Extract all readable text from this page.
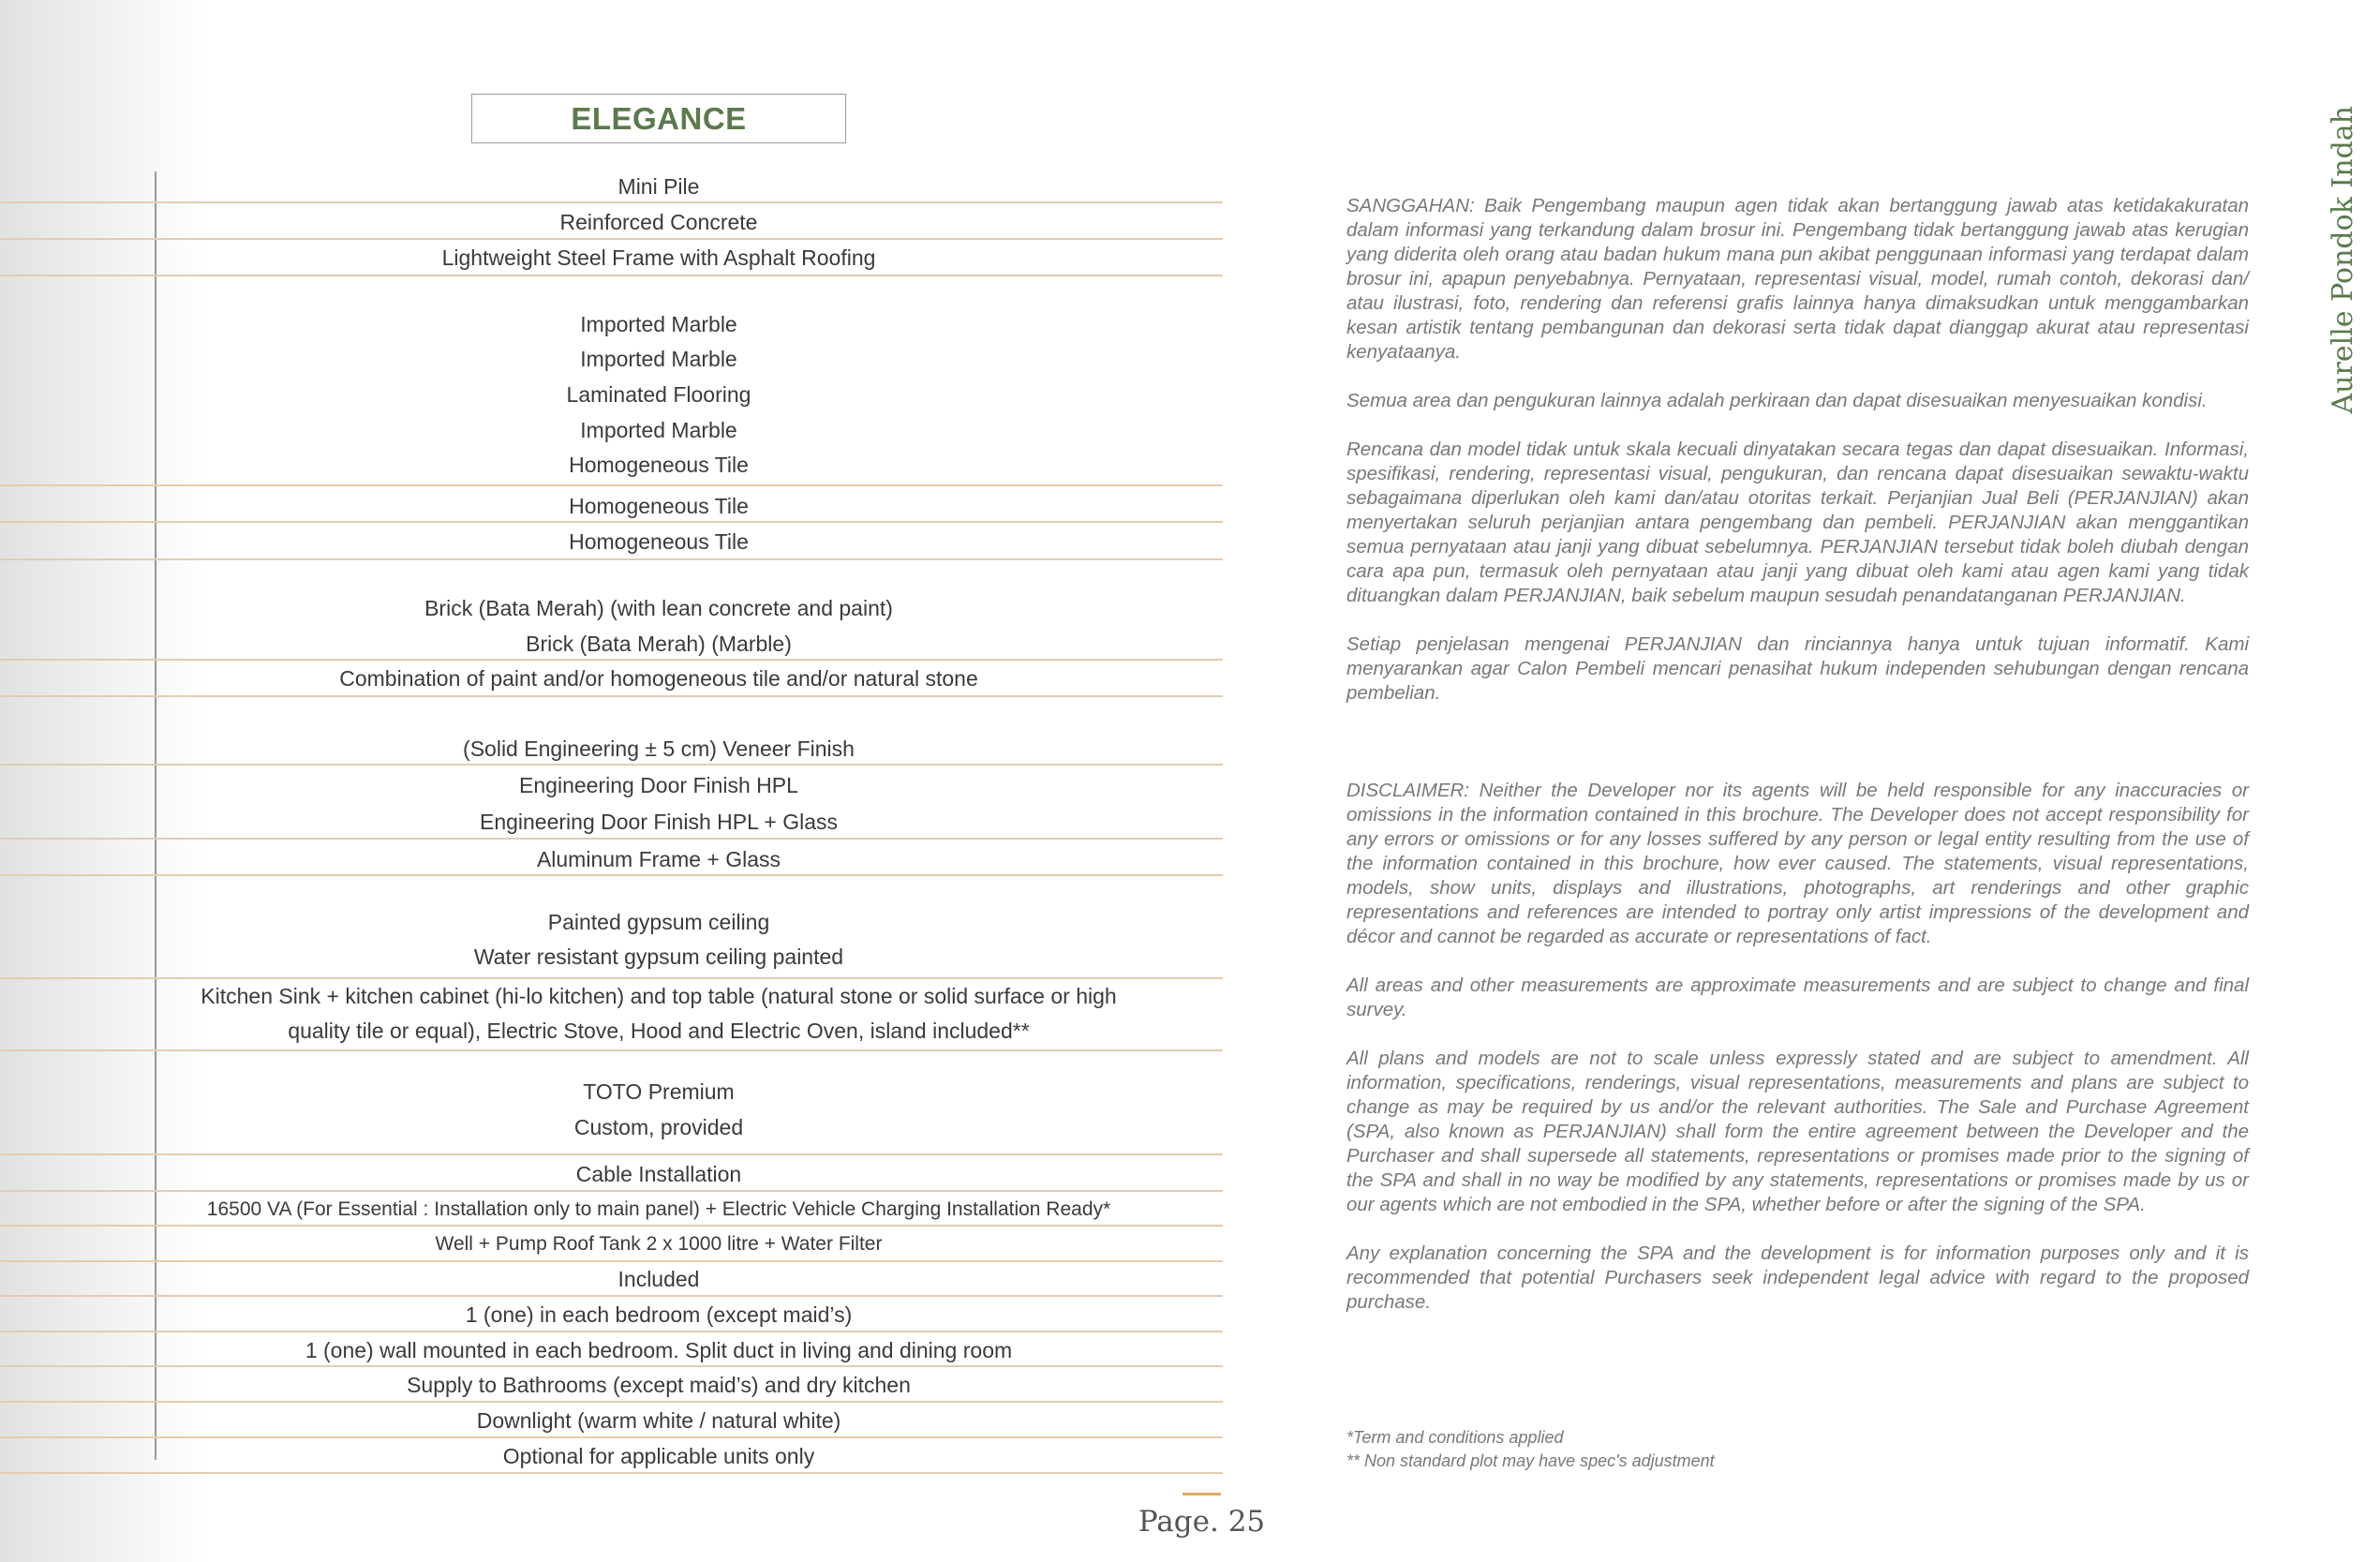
ELEGANCE
Mini Pile
Reinforced Concrete
Lightweight Steel Frame with Asphalt Roofing
Imported Marble
Imported Marble
Laminated Flooring
Imported Marble
Homogeneous Tile
Homogeneous Tile
Homogeneous Tile
Brick (Bata Merah) (with lean concrete and paint)
Brick (Bata Merah) (Marble)
Combination of paint and/or homogeneous tile and/or natural stone
(Solid Engineering ± 5 cm) Veneer Finish
Engineering Door Finish HPL
Engineering Door Finish HPL + Glass
Aluminum Frame + Glass
Painted gypsum ceiling
Water resistant gypsum ceiling painted
Kitchen Sink + kitchen cabinet (hi-lo kitchen) and top table (natural stone or solid surface or high quality tile or equal), Electric Stove, Hood and Electric Oven, island included**
TOTO Premium
Custom, provided
Cable Installation
16500 VA (For Essential : Installation only to main panel) + Electric Vehicle Charging Installation Ready*
Well + Pump Roof Tank 2 x 1000 litre + Water Filter
Included
1 (one) in each bedroom (except maid’s)
1 (one) wall mounted in each bedroom. Split duct in living and dining room
Supply to Bathrooms (except maid’s) and dry kitchen
Downlight (warm white / natural white)
Optional for applicable units only

SANGGAHAN: Baik Pengembang maupun agen tidak akan bertanggung jawab atas ketidakakuratan dalam informasi yang terkandung dalam brosur ini. Pengembang tidak bertanggung jawab atas kerugian yang diderita oleh orang atau badan hukum mana pun akibat penggunaan informasi yang terdapat dalam brosur ini, apapun penyebabnya. Pernyataan, representasi visual, model, rumah contoh, dekorasi dan/ atau ilustrasi, foto, rendering dan referensi grafis lainnya hanya dimaksudkan untuk menggambarkan kesan artistik tentang pembangunan dan dekorasi serta tidak dapat dianggap akurat atau representasi kenyataanya.

Semua area dan pengukuran lainnya adalah perkiraan dan dapat disesuaikan menyesuaikan kondisi.

Rencana dan model tidak untuk skala kecuali dinyatakan secara tegas dan dapat disesuaikan. Informasi, spesifikasi, rendering, representasi visual, pengukuran, dan rencana dapat disesuaikan sewaktu-waktu sebagaimana diperlukan oleh kami dan/atau otoritas terkait. Perjanjian Jual Beli (PERJANJIAN) akan menyertakan seluruh perjanjian antara pengembang dan pembeli. PERJANJIAN akan menggantikan semua pernyataan atau janji yang dibuat sebelumnya. PERJANJIAN tersebut tidak boleh diubah dengan cara apa pun, termasuk oleh pernyataan atau janji yang dibuat oleh kami atau agen kami yang tidak dituangkan dalam PERJANJIAN, baik sebelum maupun sesudah penandatanganan PERJANJIAN.

Setiap penjelasan mengenai PERJANJIAN dan rinciannya hanya untuk tujuan informatif. Kami menyarankan agar Calon Pembeli mencari penasihat hukum independen sehubungan dengan rencana pembelian.

DISCLAIMER: Neither the Developer nor its agents will be held responsible for any inaccuracies or omissions in the information contained in this brochure. The Developer does not accept responsibility for any errors or omissions or for any losses suffered by any person or legal entity resulting from the use of the information contained in this brochure, how ever caused. The statements, visual representations, models, show units, displays and illustrations, photographs, art renderings and other graphic representations and references are intended to portray only artist impressions of the development and décor and cannot be regarded as accurate or representations of fact.

All areas and other measurements are approximate measurements and are subject to change and final survey.

All plans and models are not to scale unless expressly stated and are subject to amendment. All information, specifications, renderings, visual representations, measurements and plans are subject to change as may be required by us and/or the relevant authorities. The Sale and Purchase Agreement (SPA, also known as PERJANJIAN) shall form the entire agreement between the Developer and the Purchaser and shall supersede all statements, representations or promises made prior to the signing of the SPA and shall in no way be modified by any statements, representations or promises made by us or our agents which are not embodied in the SPA, whether before or after the signing of the SPA.

Any explanation concerning the SPA and the development is for information purposes only and it is recommended that potential Purchasers seek independent legal advice with regard to the proposed purchase.

*Term and conditions applied
** Non standard plot may have spec's adjustment
Page. 25
Aurelle Pondok Indah
